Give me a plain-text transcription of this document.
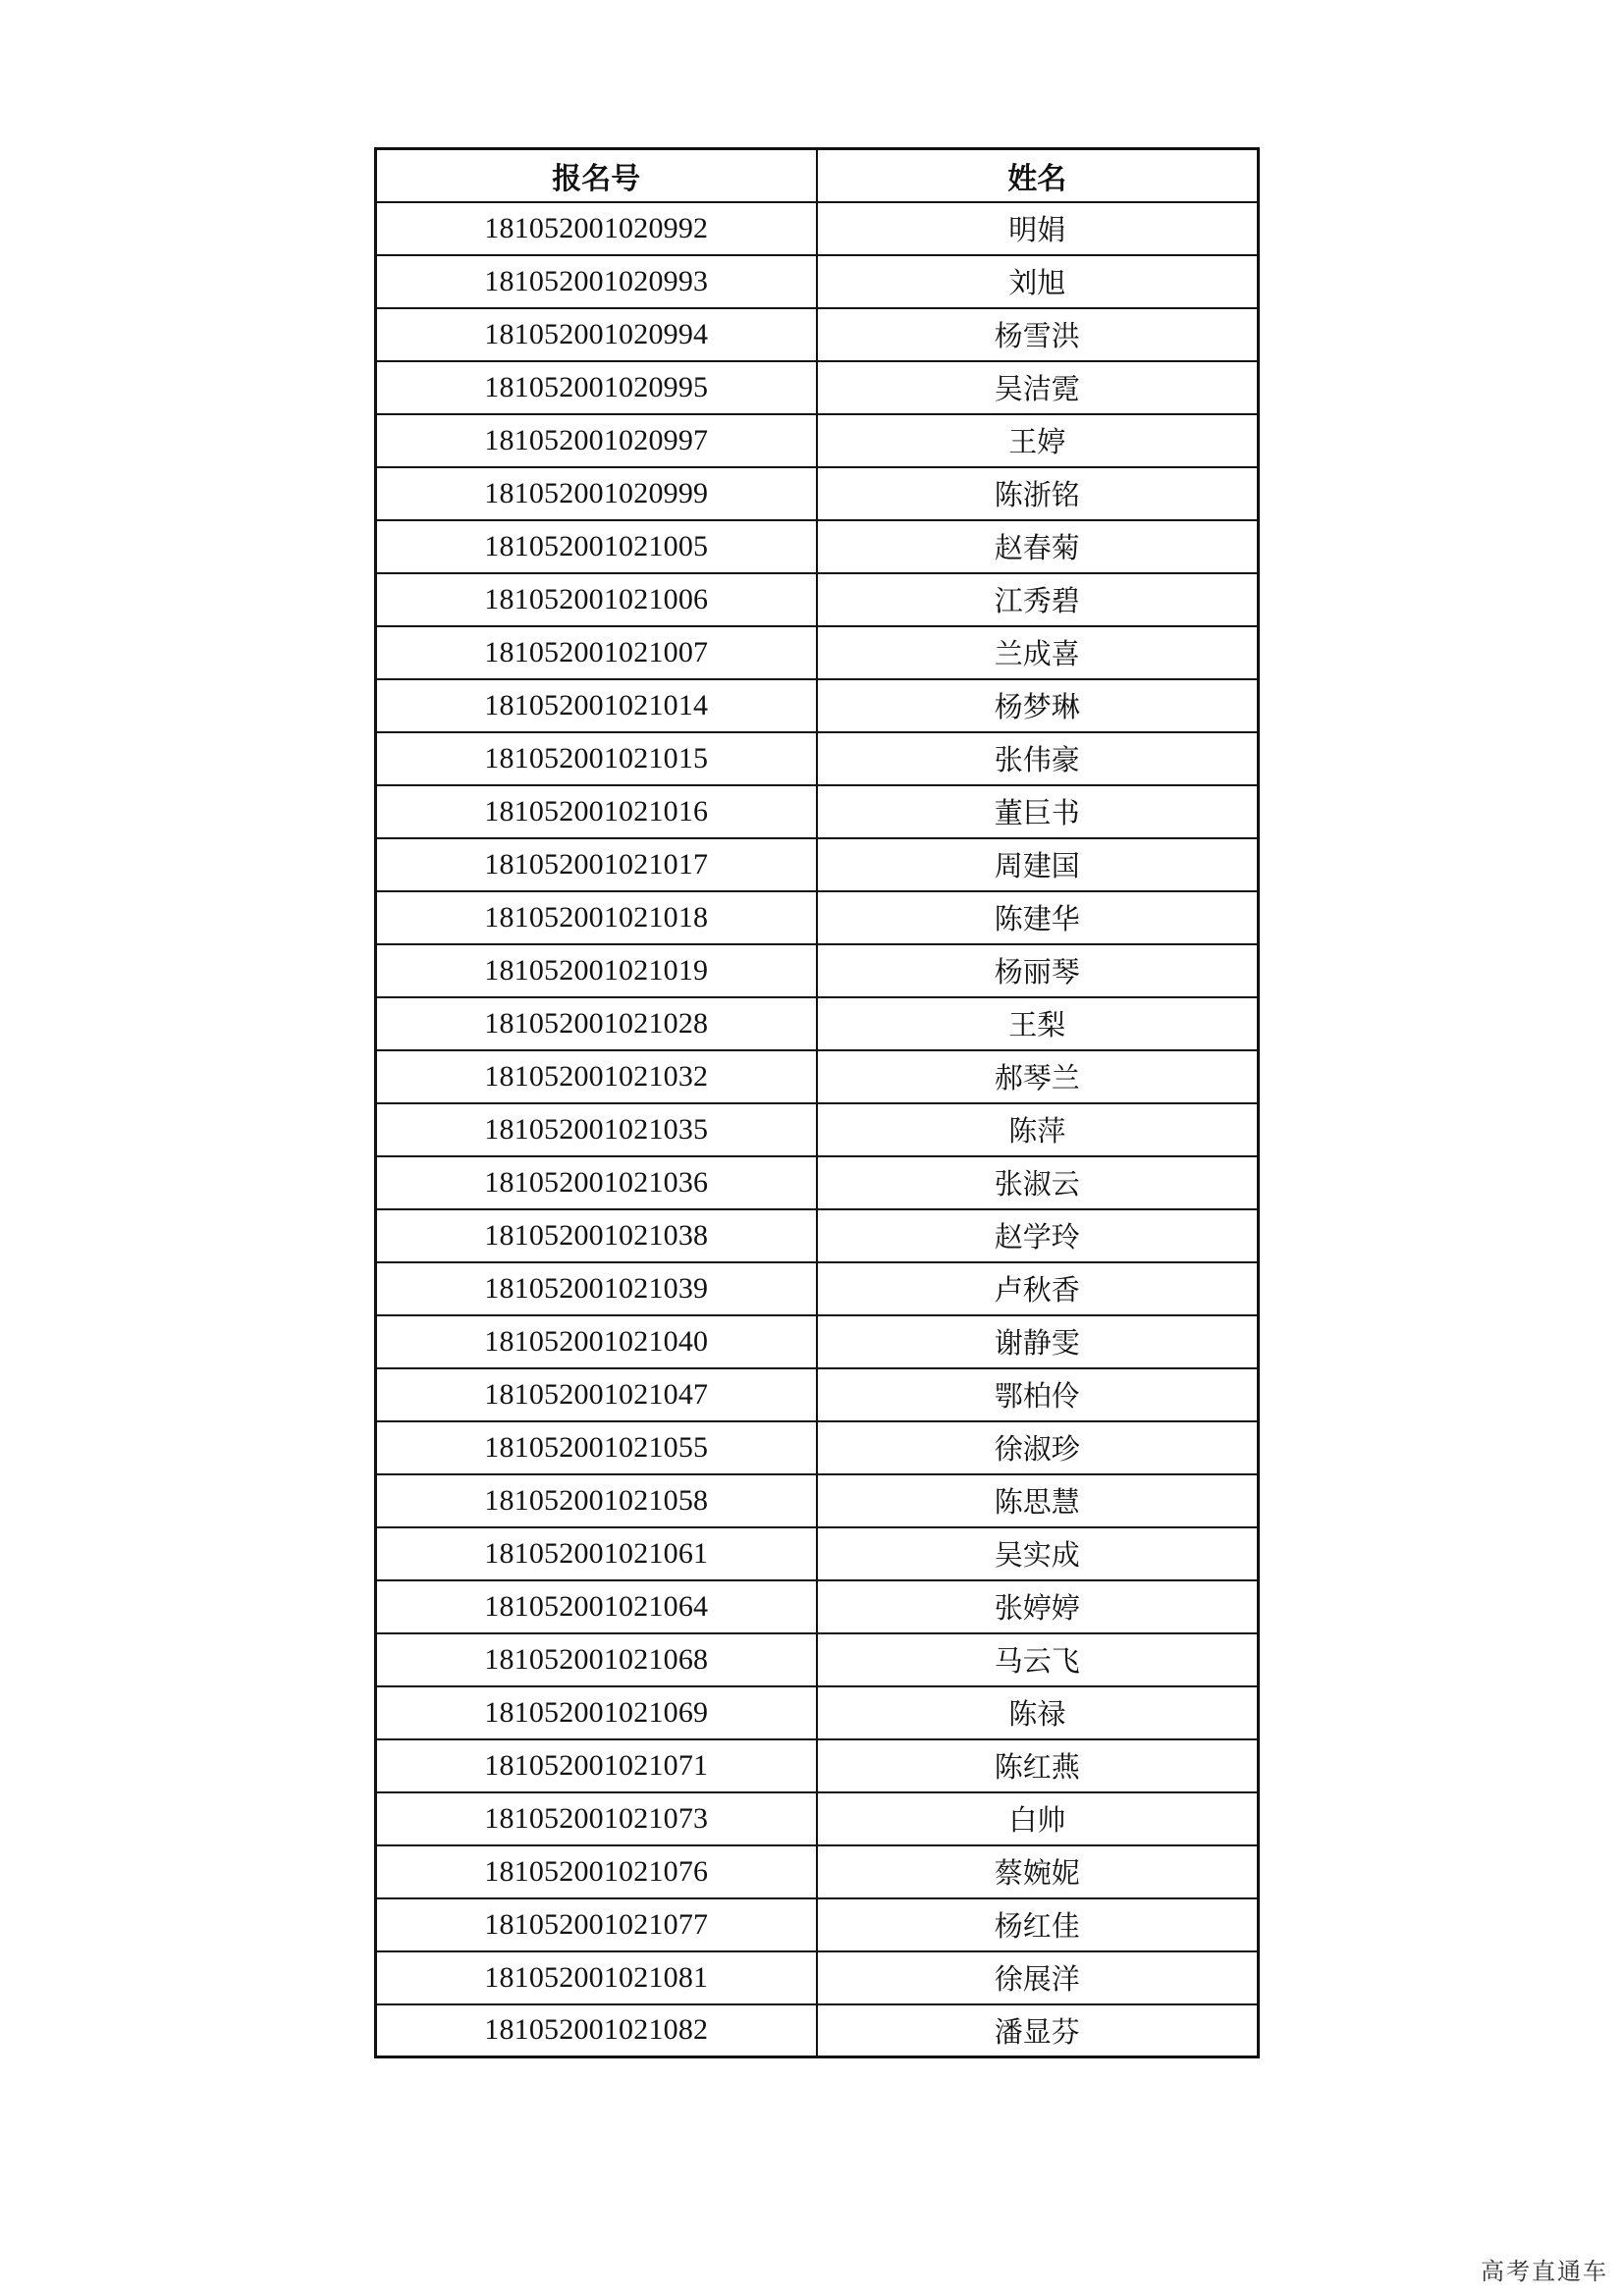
报名号	姓名
181052001020992	明娟
181052001020993	刘旭
181052001020994	杨雪洪
181052001020995	吴洁霓
181052001020997	王婷
181052001020999	陈浙铭
181052001021005	赵春菊
181052001021006	江秀碧
181052001021007	兰成喜
181052001021014	杨梦琳
181052001021015	张伟豪
181052001021016	董巨书
181052001021017	周建国
181052001021018	陈建华
181052001021019	杨丽琴
181052001021028	王梨
181052001021032	郝琴兰
181052001021035	陈萍
181052001021036	张淑云
181052001021038	赵学玲
181052001021039	卢秋香
181052001021040	谢静雯
181052001021047	鄂柏伶
181052001021055	徐淑珍
181052001021058	陈思慧
181052001021061	吴实成
181052001021064	张婷婷
181052001021068	马云飞
181052001021069	陈禄
181052001021071	陈红燕
181052001021073	白帅
181052001021076	蔡婉妮
181052001021077	杨红佳
181052001021081	徐展洋
181052001021082	潘显芬
高考直通车
